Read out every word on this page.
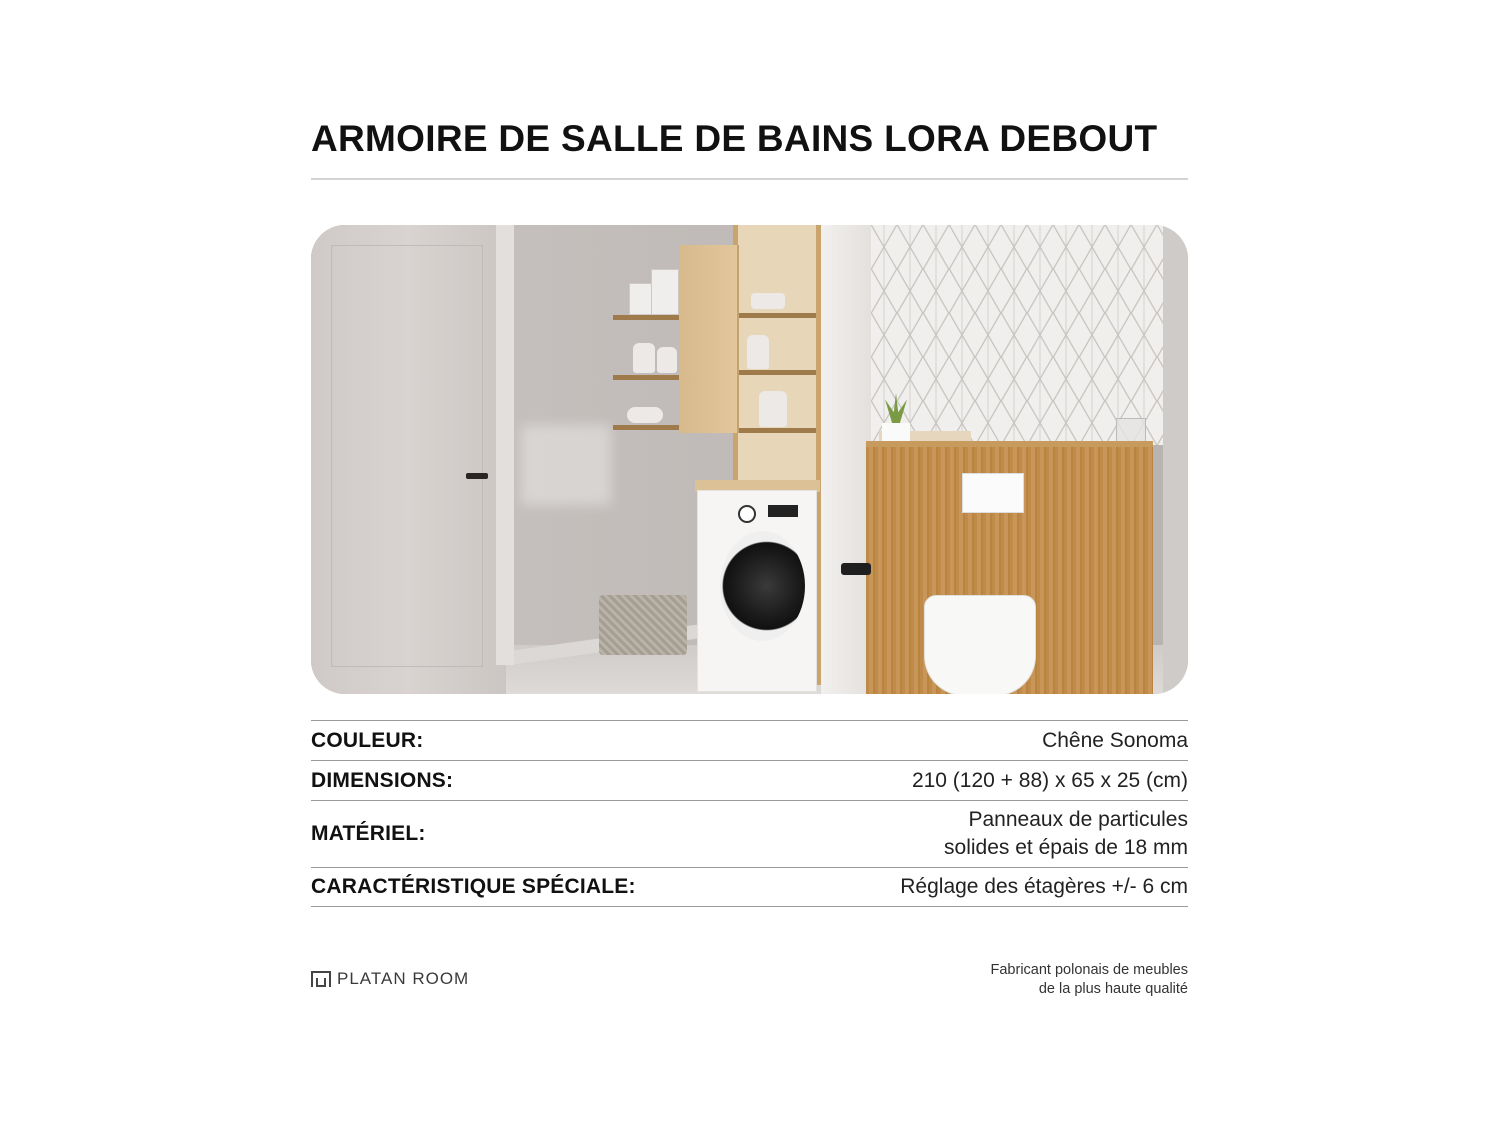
ARMOIRE DE SALLE DE BAINS LORA DEBOUT
COULEUR:	Chêne Sonoma
DIMENSIONS:	210 (120 + 88) x 65 x 25 (cm)
MATÉRIEL:
Panneaux de particules
solides et épais de 18 mm
CARACTÉRISTIQUE SPÉCIALE:	Réglage des étagères +/- 6 cm
PLATAN ROOM	Fabricant polonais de meubles
de la plus haute qualité
